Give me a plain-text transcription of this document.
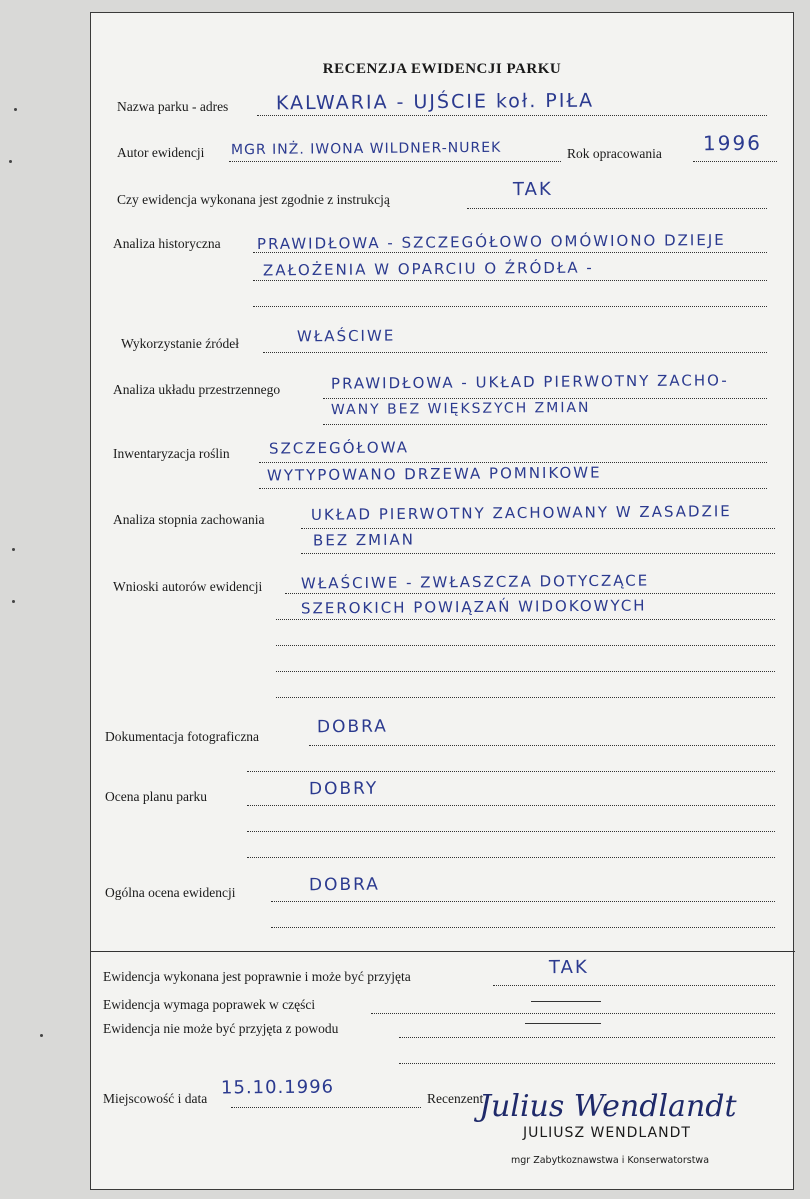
RECENZJA EWIDENCJI PARKU
Nazwa parku - adres	KALWARIA - UJŚCIE koł. PIŁA
Autor ewidencji MGR INŻ. IWONA WILDNER-NUREK	Rok opracowania 1996
Czy ewidencja wykonana jest zgodnie z instrukcją	TAK
Analiza historyczna PRAWIDŁOWA - SZCZEGÓŁOWO OMÓWIONO DZIEJE
ZAŁOŻENIA W OPARCIU O ŹRÓDŁA -
Wykorzystanie źródeł	WŁAŚCIWE
Analiza układu przestrzennego	PRAWIDŁOWA - UKŁAD PIERWOTNY ZACHO-
WANY BEZ WIĘKSZYCH ZMIAN
Inwentaryzacja roślin	SZCZEGÓŁOWA
WYTYPOWANO DRZEWA POMNIKOWE
Analiza stopnia zachowania	UKŁAD PIERWOTNY ZACHOWANY W ZASADZIE
BEZ ZMIAN
Wnioski autorów ewidencji	WŁAŚCIWE - ZWŁASZCZA DOTYCZĄCE
SZEROKICH POWIĄZAŃ WIDOKOWYCH
Dokumentacja fotograficzna	DOBRA
Ocena planu parku	DOBRY
Ogólna ocena ewidencji	DOBRA
Ewidencja wykonana jest poprawnie i może być przyjęta	TAK
Ewidencja wymaga poprawek w części
Ewidencja nie może być przyjęta z powodu
Miejscowość i data
15.10.1996
Recenzent
Julius Wendlandt
JULIUSZ WENDLANDT
mgr Zabytkoznawstwa i Konserwatorstwa
